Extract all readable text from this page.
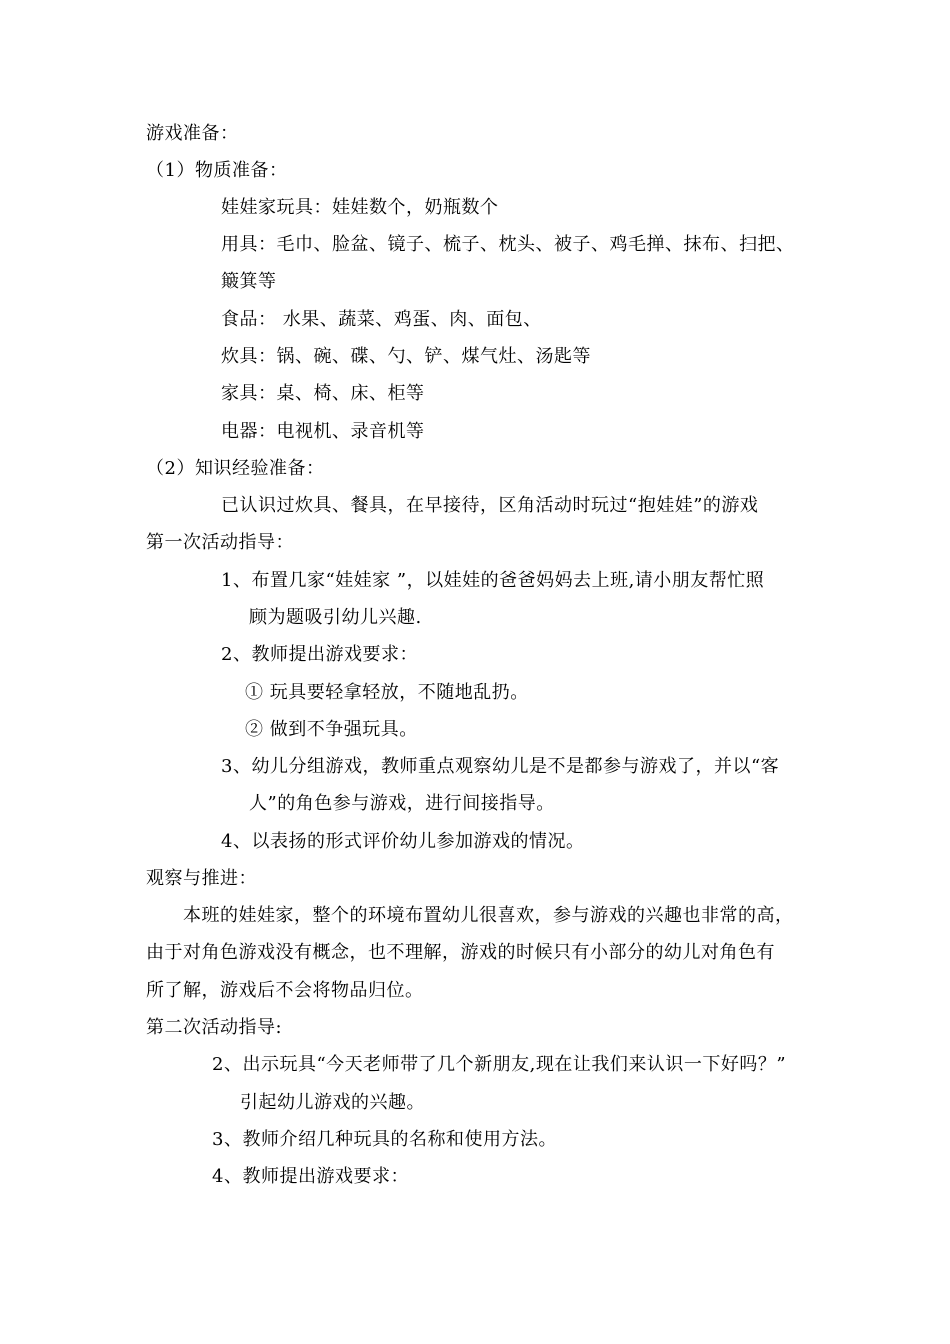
游戏准备：
（1）物质准备：
娃娃家玩具：娃娃数个，奶瓶数个
用具：毛巾、脸盆、镜子、梳子、枕头、被子、鸡毛掸、抹布、扫把、
簸箕等
食品： 水果、蔬菜、鸡蛋、肉、面包、
炊具：锅、碗、碟、勺、铲、煤气灶、汤匙等
家具：桌、椅、床、柜等
电器：电视机、录音机等
（2）知识经验准备：
已认识过炊具、餐具，在早接待，区角活动时玩过“抱娃娃”的游戏
第一次活动指导：
1、布置几家“娃娃家 ”，以娃娃的爸爸妈妈去上班,请小朋友帮忙照
顾为题吸引幼儿兴趣.
2、教师提出游戏要求：
① 玩具要轻拿轻放，不随地乱扔。
② 做到不争强玩具。
3、幼儿分组游戏，教师重点观察幼儿是不是都参与游戏了，并以“客
人”的角色参与游戏，进行间接指导。
4、以表扬的形式评价幼儿参加游戏的情况。
观察与推进：
本班的娃娃家，整个的环境布置幼儿很喜欢，参与游戏的兴趣也非常的高，
由于对角色游戏没有概念，也不理解，游戏的时候只有小部分的幼儿对角色有
所了解，游戏后不会将物品归位。
第二次活动指导:
2、出示玩具“今天老师带了几个新朋友,现在让我们来认识一下好吗？”
引起幼儿游戏的兴趣。
3、教师介绍几种玩具的名称和使用方法。
4、教师提出游戏要求：
